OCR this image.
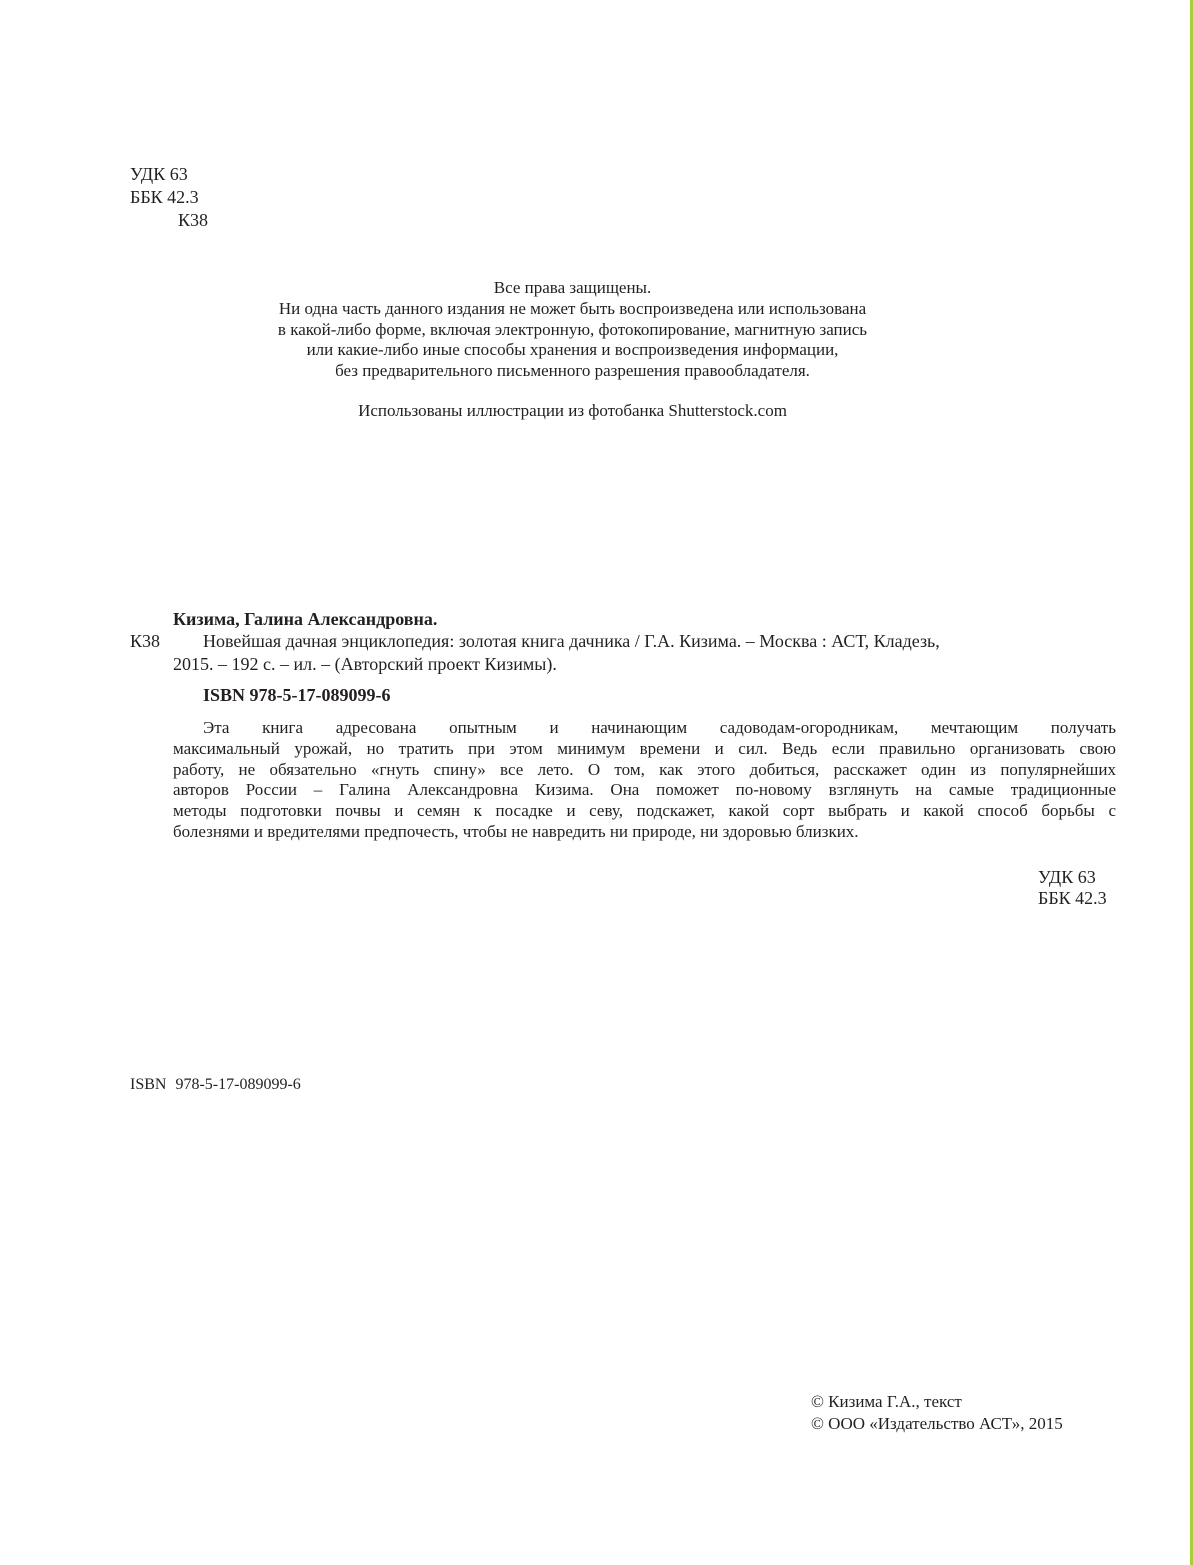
УДК 63
ББК 42.3
К38
Все права защищены.
Ни одна часть данного издания не может быть воспроизведена или использована
в какой-либо форме, включая электронную, фотокопирование, магнитную запись
или какие-либо иные способы хранения и воспроизведения информации,
без предварительного письменного разрешения правообладателя.
Использованы иллюстрации из фотобанка Shutterstock.com
Кизима, Галина Александровна.
К38 Новейшая дачная энциклопедия: золотая книга дачника / Г.А. Кизима. – Москва : АСТ, Кладезь,
2015. – 192 с. – ил. – (Авторский проект Кизимы).
ISBN 978-5-17-089099-6
Эта книга адресована опытным и начинающим садоводам-огородникам, мечтающим получать
максимальный урожай, но тратить при этом минимум времени и сил. Ведь если правильно организовать свою
работу, не обязательно «гнуть спину» все лето. О том, как этого добиться, расскажет один из популярнейших
авторов России – Галина Александровна Кизима. Она поможет по-новому взглянуть на самые традиционные
методы подготовки почвы и семян к посадке и севу, подскажет, какой сорт выбрать и какой способ борьбы с
болезнями и вредителями предпочесть, чтобы не навредить ни природе, ни здоровью близких.
УДК 63
ББК 42.3
ISBN 978-5-17-089099-6
© Кизима Г.А., текст
© ООО «Издательство АСТ», 2015
